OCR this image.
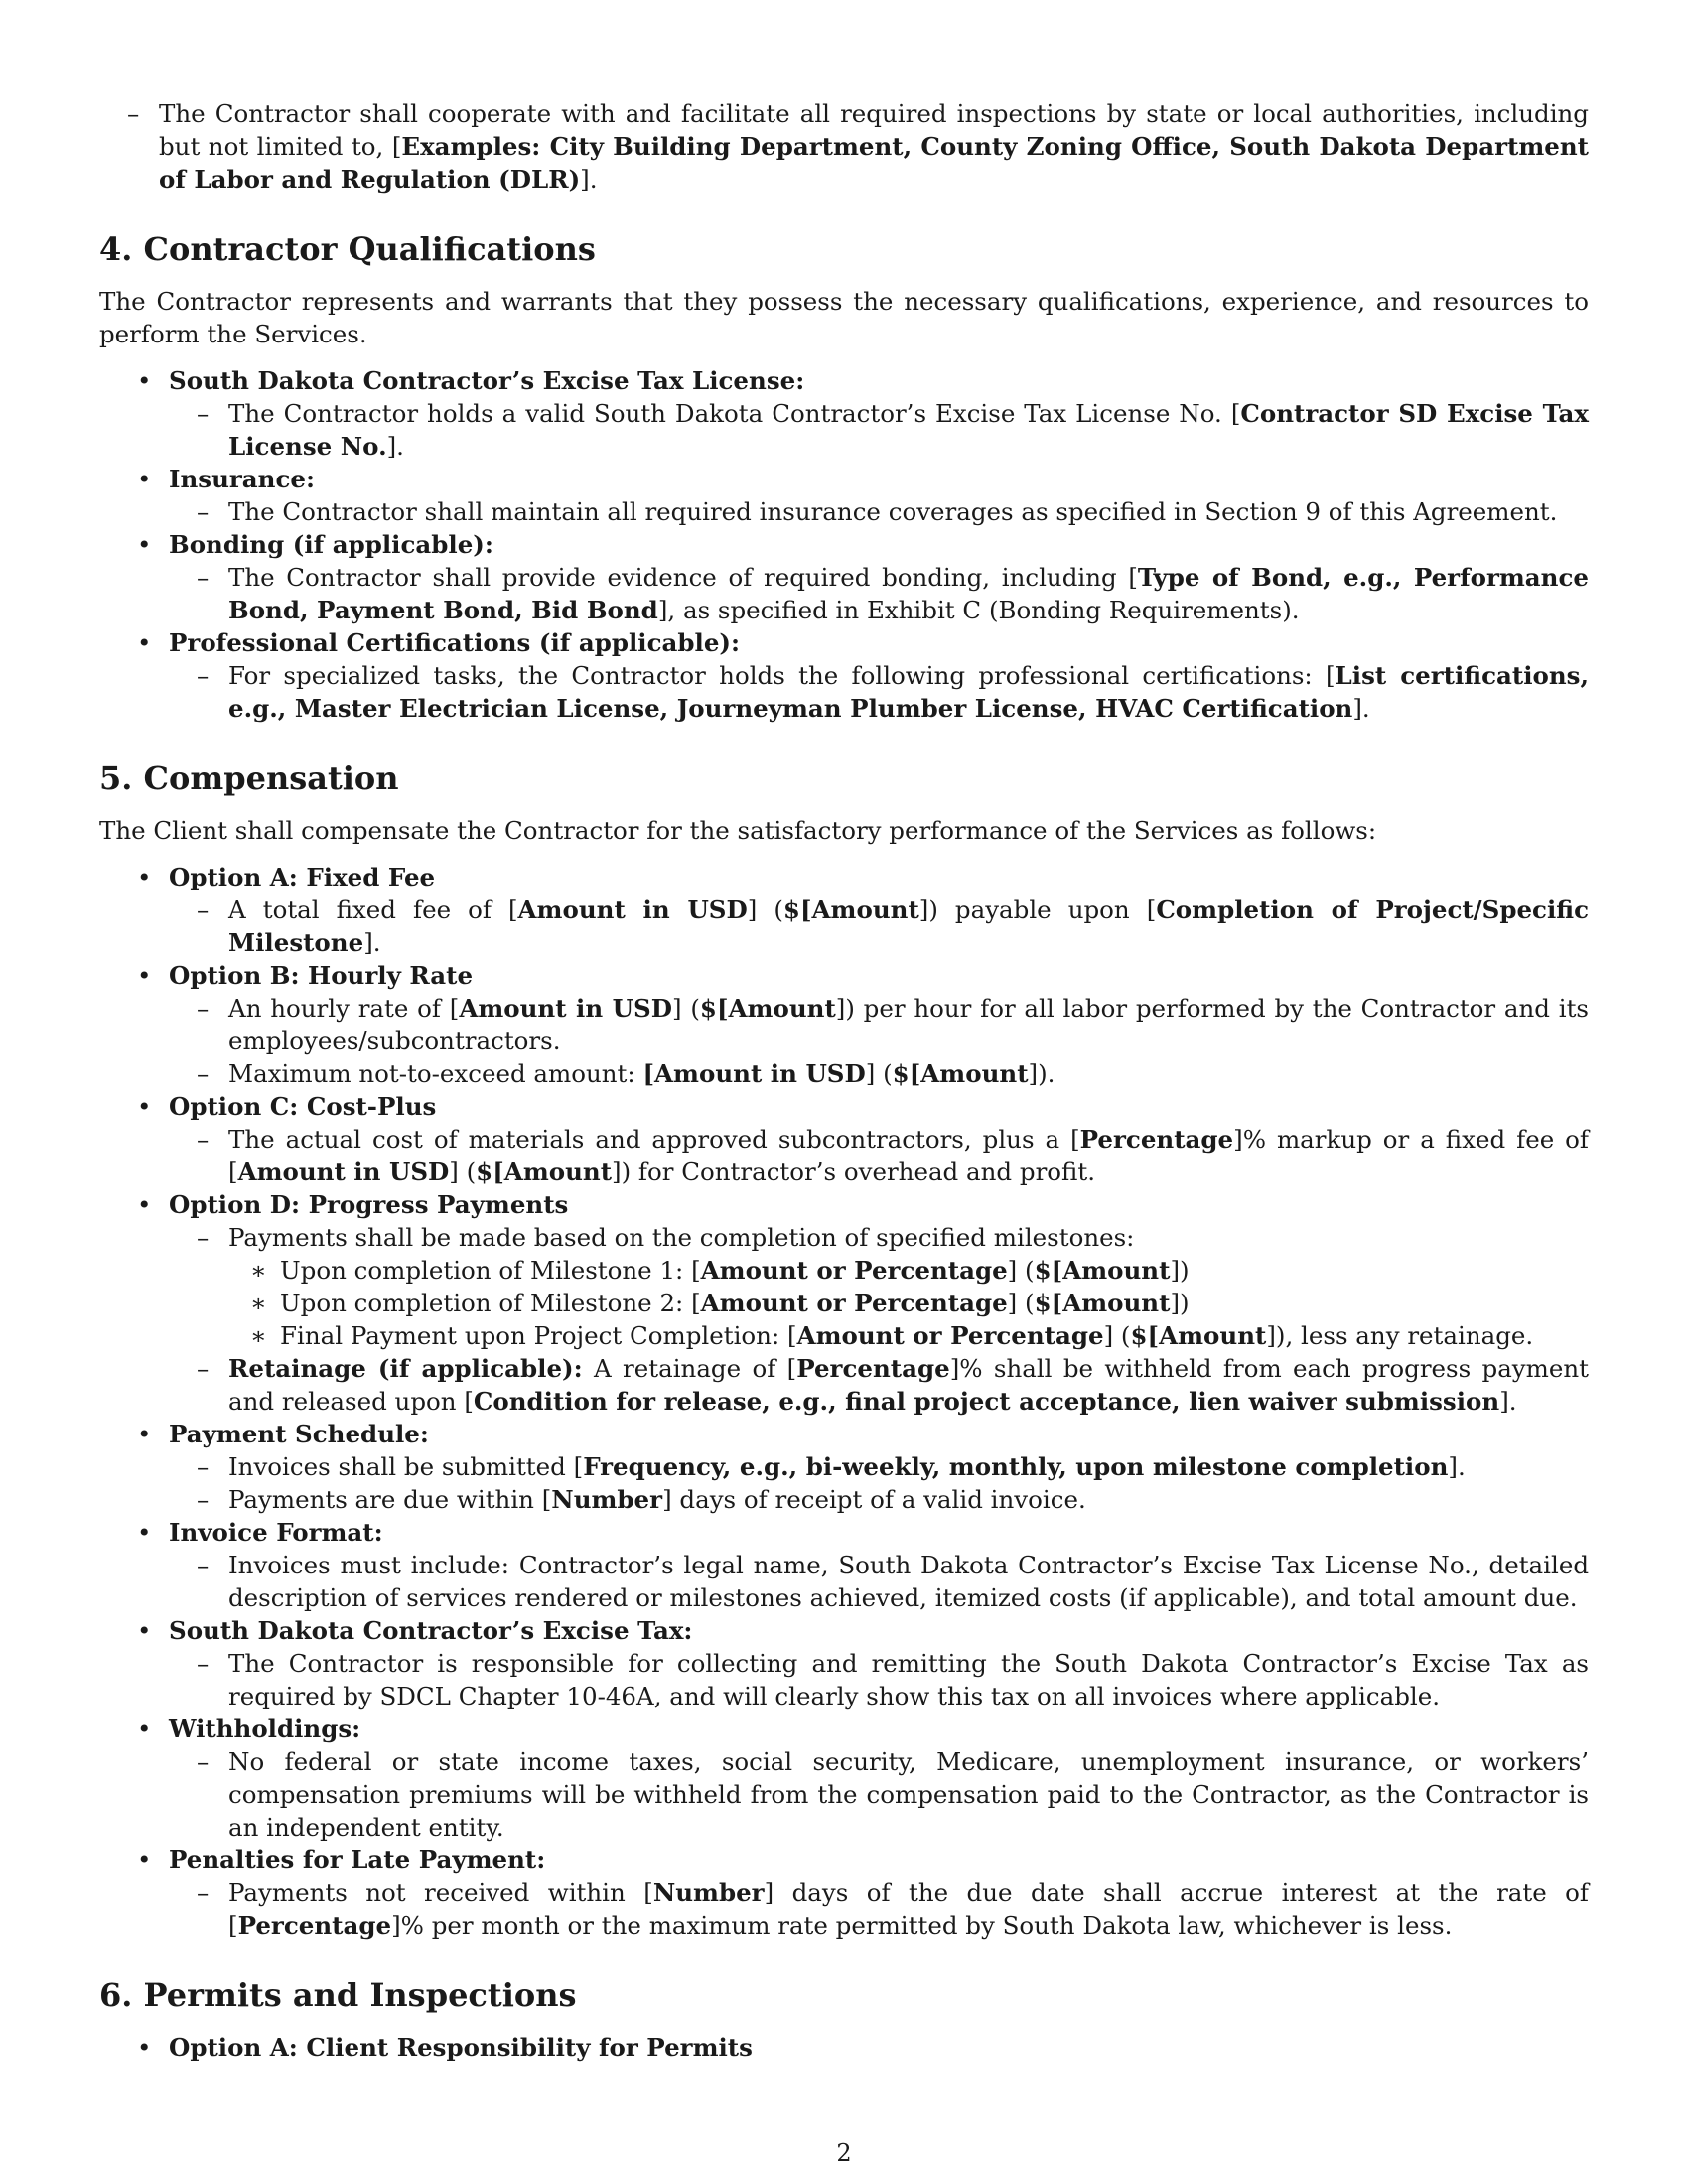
– The Contractor shall cooperate with and facilitate all required inspections by state or local authorities, including but not limited to, [Examples: City Building Department, County Zoning Office, South Dakota Department of Labor and Regulation (DLR)].
4. Contractor Qualifications

The Contractor represents and warrants that they possess the necessary qualifications, experience, and resources to perform the Services.

• South Dakota Contractor’s Excise Tax License:
– The Contractor holds a valid South Dakota Contractor’s Excise Tax License No. [Contractor SD Excise Tax License No.].
• Insurance:
– The Contractor shall maintain all required insurance coverages as specified in Section 9 of this Agreement.
• Bonding (if applicable):
– The Contractor shall provide evidence of required bonding, including [Type of Bond, e.g., Performance Bond, Payment Bond, Bid Bond], as specified in Exhibit C (Bonding Requirements).
• Professional Certifications (if applicable):
– For specialized tasks, the Contractor holds the following professional certifications: [List certifications, e.g., Master Electrician License, Journeyman Plumber License, HVAC Certification].
5. Compensation

The Client shall compensate the Contractor for the satisfactory performance of the Services as follows:

• Option A: Fixed Fee
– A total fixed fee of [Amount in USD] ($[Amount]) payable upon [Completion of Project/Specific Milestone].
• Option B: Hourly Rate
– An hourly rate of [Amount in USD] ($[Amount]) per hour for all labor performed by the Contractor and its employees/subcontractors.
– Maximum not-to-exceed amount: [Amount in USD] ($[Amount]).
• Option C: Cost-Plus
– The actual cost of materials and approved subcontractors, plus a [Percentage]% markup or a fixed fee of [Amount in USD] ($[Amount]) for Contractor’s overhead and profit.
• Option D: Progress Payments
– Payments shall be made based on the completion of specified milestones:
∗ Upon completion of Milestone 1: [Amount or Percentage] ($[Amount])
∗ Upon completion of Milestone 2: [Amount or Percentage] ($[Amount])
∗ Final Payment upon Project Completion: [Amount or Percentage] ($[Amount]), less any retainage.
– Retainage (if applicable): A retainage of [Percentage]% shall be withheld from each progress payment and released upon [Condition for release, e.g., final project acceptance, lien waiver submission].
• Payment Schedule:
– Invoices shall be submitted [Frequency, e.g., bi-weekly, monthly, upon milestone completion].
– Payments are due within [Number] days of receipt of a valid invoice.
• Invoice Format:
– Invoices must include: Contractor’s legal name, South Dakota Contractor’s Excise Tax License No., detailed description of services rendered or milestones achieved, itemized costs (if applicable), and total amount due.
• South Dakota Contractor’s Excise Tax:
– The Contractor is responsible for collecting and remitting the South Dakota Contractor’s Excise Tax as required by SDCL Chapter 10-46A, and will clearly show this tax on all invoices where applicable.
• Withholdings:
– No federal or state income taxes, social security, Medicare, unemployment insurance, or workers’ compensation premiums will be withheld from the compensation paid to the Contractor, as the Contractor is an independent entity.
• Penalties for Late Payment:
– Payments not received within [Number] days of the due date shall accrue interest at the rate of [Percentage]% per month or the maximum rate permitted by South Dakota law, whichever is less.
6. Permits and Inspections
• Option A: Client Responsibility for Permits
2
